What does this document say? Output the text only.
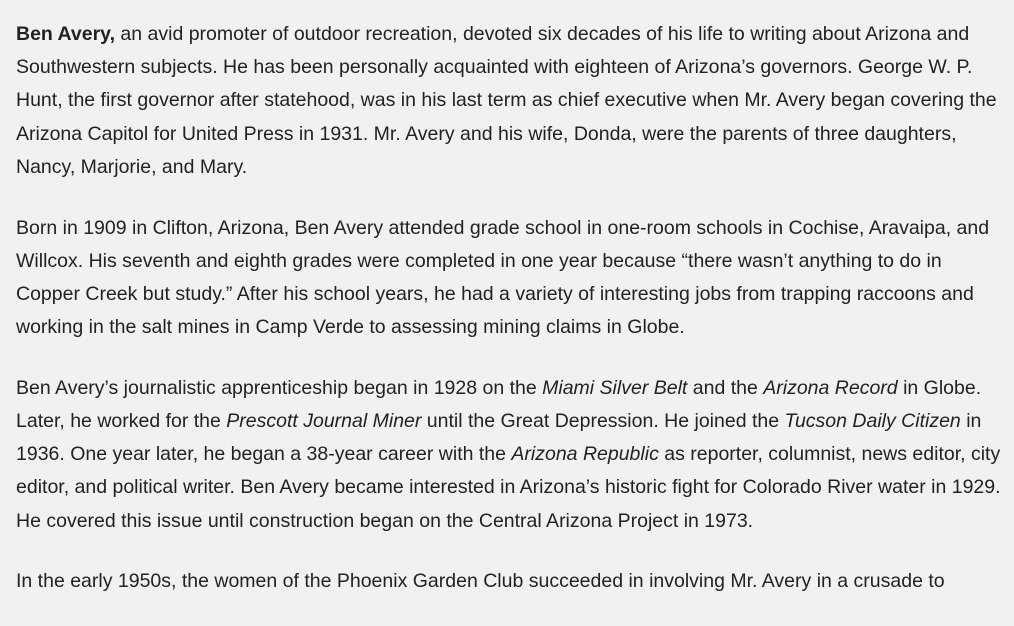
Ben Avery, an avid promoter of outdoor recreation, devoted six decades of his life to writing about Arizona and Southwestern subjects. He has been personally acquainted with eighteen of Arizona’s governors. George W. P. Hunt, the first governor after statehood, was in his last term as chief executive when Mr. Avery began covering the Arizona Capitol for United Press in 1931. Mr. Avery and his wife, Donda, were the parents of three daughters, Nancy, Marjorie, and Mary.

Born in 1909 in Clifton, Arizona, Ben Avery attended grade school in one-room schools in Cochise, Aravaipa, and Willcox. His seventh and eighth grades were completed in one year because “there wasn’t anything to do in Copper Creek but study.” After his school years, he had a variety of interesting jobs from trapping raccoons and working in the salt mines in Camp Verde to assessing mining claims in Globe.

Ben Avery’s journalistic apprenticeship began in 1928 on the Miami Silver Belt and the Arizona Record in Globe. Later, he worked for the Prescott Journal Miner until the Great Depression. He joined the Tucson Daily Citizen in 1936. One year later, he began a 38-year career with the Arizona Republic as reporter, columnist, news editor, city editor, and political writer. Ben Avery became interested in Arizona’s historic fight for Colorado River water in 1929. He covered this issue until construction began on the Central Arizona Project in 1973.

In the early 1950s, the women of the Phoenix Garden Club succeeded in involving Mr. Avery in a crusade to
